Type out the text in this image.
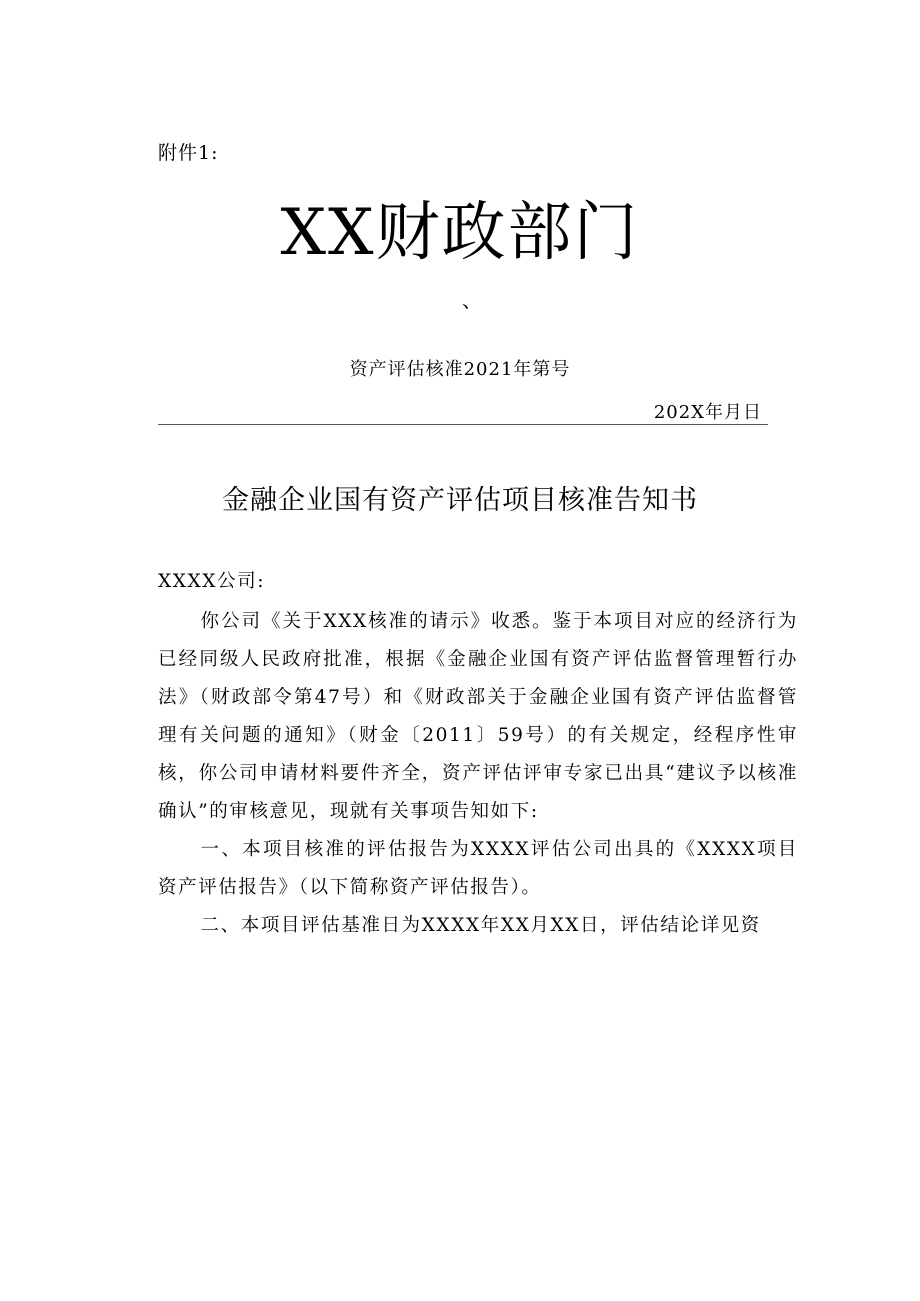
附件1:
XX财政部门
、
资产评估核准2021年第号
202X年月日
金融企业国有资产评估项目核准告知书

XXXX公司:

你公司《关于XXX核准的请示》收悉。鉴于本项目对应的经济行为已经同级人民政府批准，根据《金融企业国有资产评估监督管理暂行办法》（财政部令第47号）和《财政部关于金融企业国有资产评估监督管理有关问题的通知》（财金〔2011〕59号）的有关规定，经程序性审核，你公司申请材料要件齐全，资产评估评审专家已出具“建议予以核准确认”的审核意见，现就有关事项告知如下:

一、本项目核准的评估报告为XXXX评估公司出具的《XXXX项目资产评估报告》（以下简称资产评估报告）。

二、本项目评估基准日为XXXX年XX月XX日，评估结论详见资
